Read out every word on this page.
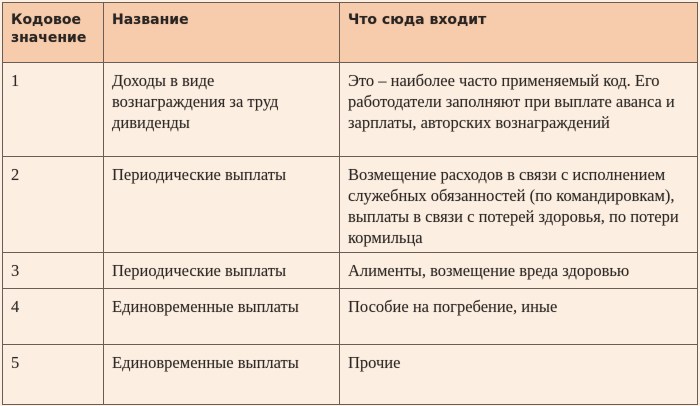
Кодовое значение	Название	Что сюда входит
1	Доходы в виде вознаграждения за труд дивиденды	Это – наиболее часто применяемый код. Его работодатели заполняют при выплате аванса и зарплаты, авторских вознаграждений
2	Периодические выплаты	Возмещение расходов в связи с исполнением служебных обязанностей (по командировкам), выплаты в связи с потерей здоровья, по потери кормильца
3	Периодические выплаты	Алименты, возмещение вреда здоровью
4	Единовременные выплаты	Пособие на погребение, иные
5	Единовременные выплаты	Прочие
